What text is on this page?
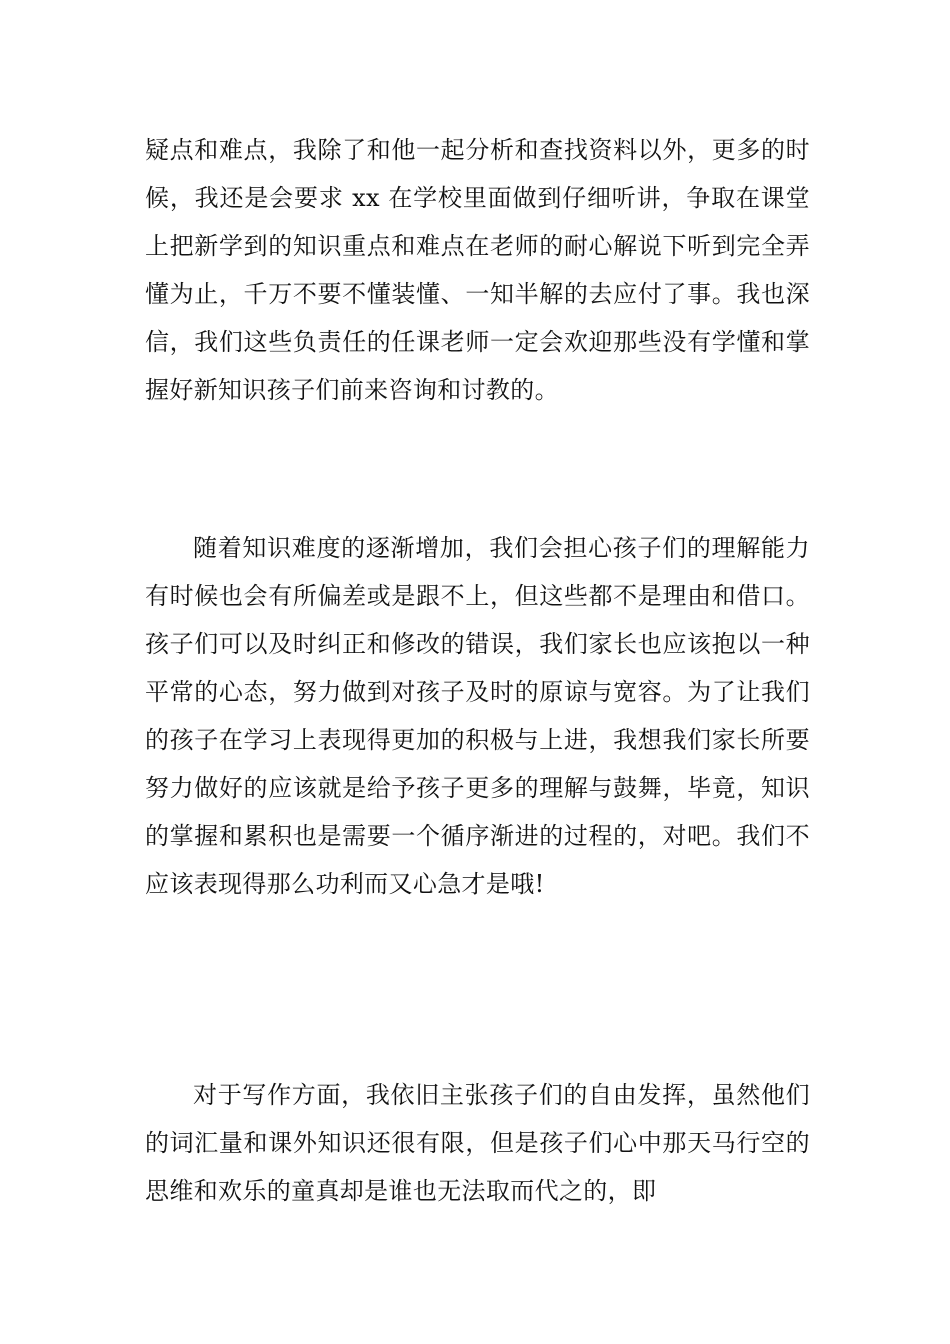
疑点和难点，我除了和他一起分析和查找资料以外，更多的时候，我还是会要求 xx 在学校里面做到仔细听讲，争取在课堂上把新学到的知识重点和难点在老师的耐心解说下听到完全弄懂为止，千万不要不懂装懂、一知半解的去应付了事。我也深信，我们这些负责任的任课老师一定会欢迎那些没有学懂和掌握好新知识孩子们前来咨询和讨教的。

随着知识难度的逐渐增加，我们会担心孩子们的理解能力有时候也会有所偏差或是跟不上，但这些都不是理由和借口。孩子们可以及时纠正和修改的错误，我们家长也应该抱以一种平常的心态，努力做到对孩子及时的原谅与宽容。为了让我们的孩子在学习上表现得更加的积极与上进，我想我们家长所要努力做好的应该就是给予孩子更多的理解与鼓舞，毕竟，知识的掌握和累积也是需要一个循序渐进的过程的，对吧。我们不应该表现得那么功利而又心急才是哦!

对于写作方面，我依旧主张孩子们的自由发挥，虽然他们的词汇量和课外知识还很有限，但是孩子们心中那天马行空的思维和欢乐的童真却是谁也无法取而代之的，即
